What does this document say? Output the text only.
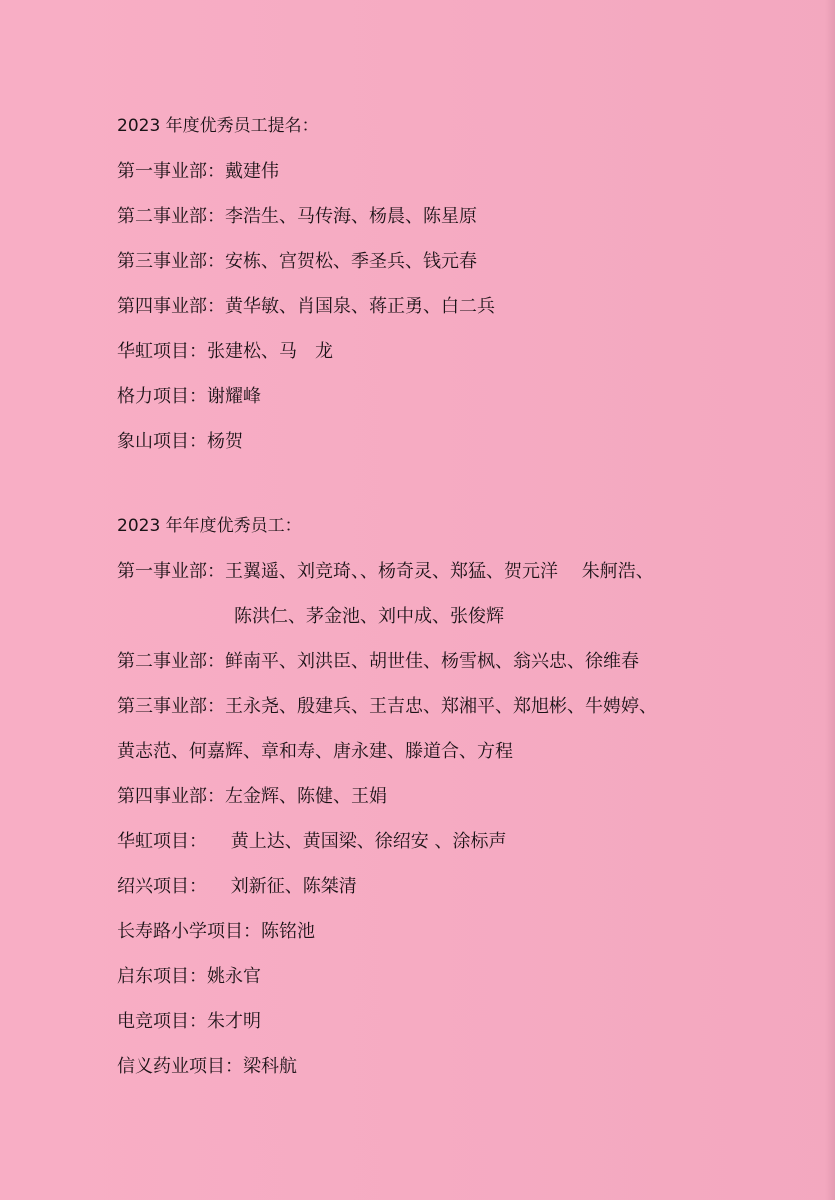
2023 年度优秀员工提名：
第一事业部： 戴建伟
第二事业部： 李浩生、马传海、杨晨、陈星原
第三事业部： 安栋、宫贺松、季圣兵、钱元春
第四事业部： 黄华敏、肖国泉、蒋正勇、白二兵
华虹项目： 张建松、马　龙
格力项目： 谢耀峰
象山项目： 杨贺
2023 年年度优秀员工：
第一事业部： 王翼遥、刘竞琦、、杨奇灵、郑猛、贺元洋　 朱舸浩、
陈洪仁、茅金池、刘中成、张俊辉
第二事业部： 鲜南平、刘洪臣、胡世佳、杨雪枫、翁兴忠、徐维春
第三事业部： 王永尧、殷建兵、王吉忠、郑湘平、郑旭彬、牛娉婷、
黄志范、何嘉辉、章和寿、唐永建、滕道合、方程
第四事业部： 左金辉、陈健、王娟
华虹项目： 　 黄上达、黄国梁、徐绍安 、涂标声
绍兴项目： 　 刘新征、陈桀清
长寿路小学项目： 陈铭池
启东项目： 姚永官
电竞项目： 朱才明
信义药业项目： 梁科航
